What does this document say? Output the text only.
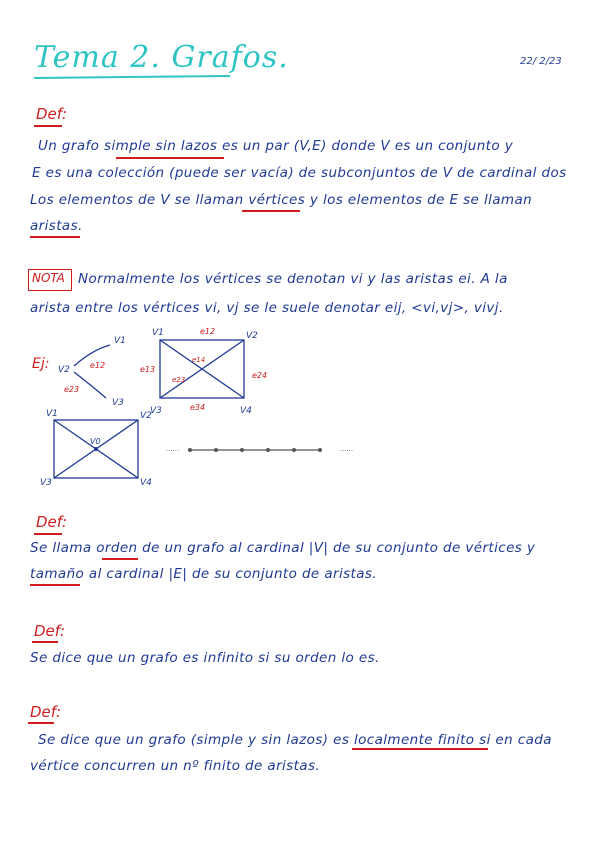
Tema 2. Grafos.	22/ 2/23
Def:
Un grafo simple sin lazos es un par (V,E) donde V es un conjunto y
E es una colección (puede ser vacía) de subconjuntos de V de cardinal dos
Los elementos de V se llaman vértices y los elementos de E se llaman
aristas.
NOTA Normalmente los vértices se denotan vi y las aristas ei. A la
arista entre los vértices vi, vj se le suele denotar eij, <vi,vj>, vivj.
Ej: V2
V1
V3
e12
e23
V1	V2
V3	V4
e12
e13
e14
e23
e34
e24
V1	V2
V0
V3	V4
......	......
Def:
Se llama orden de un grafo al cardinal |V| de su conjunto de vértices y
tamaño al cardinal |E| de su conjunto de aristas.
Def:
Se dice que un grafo es infinito si su orden lo es.
Def:
Se dice que un grafo (simple y sin lazos) es localmente finito si en cada
vértice concurren un nº finito de aristas.
